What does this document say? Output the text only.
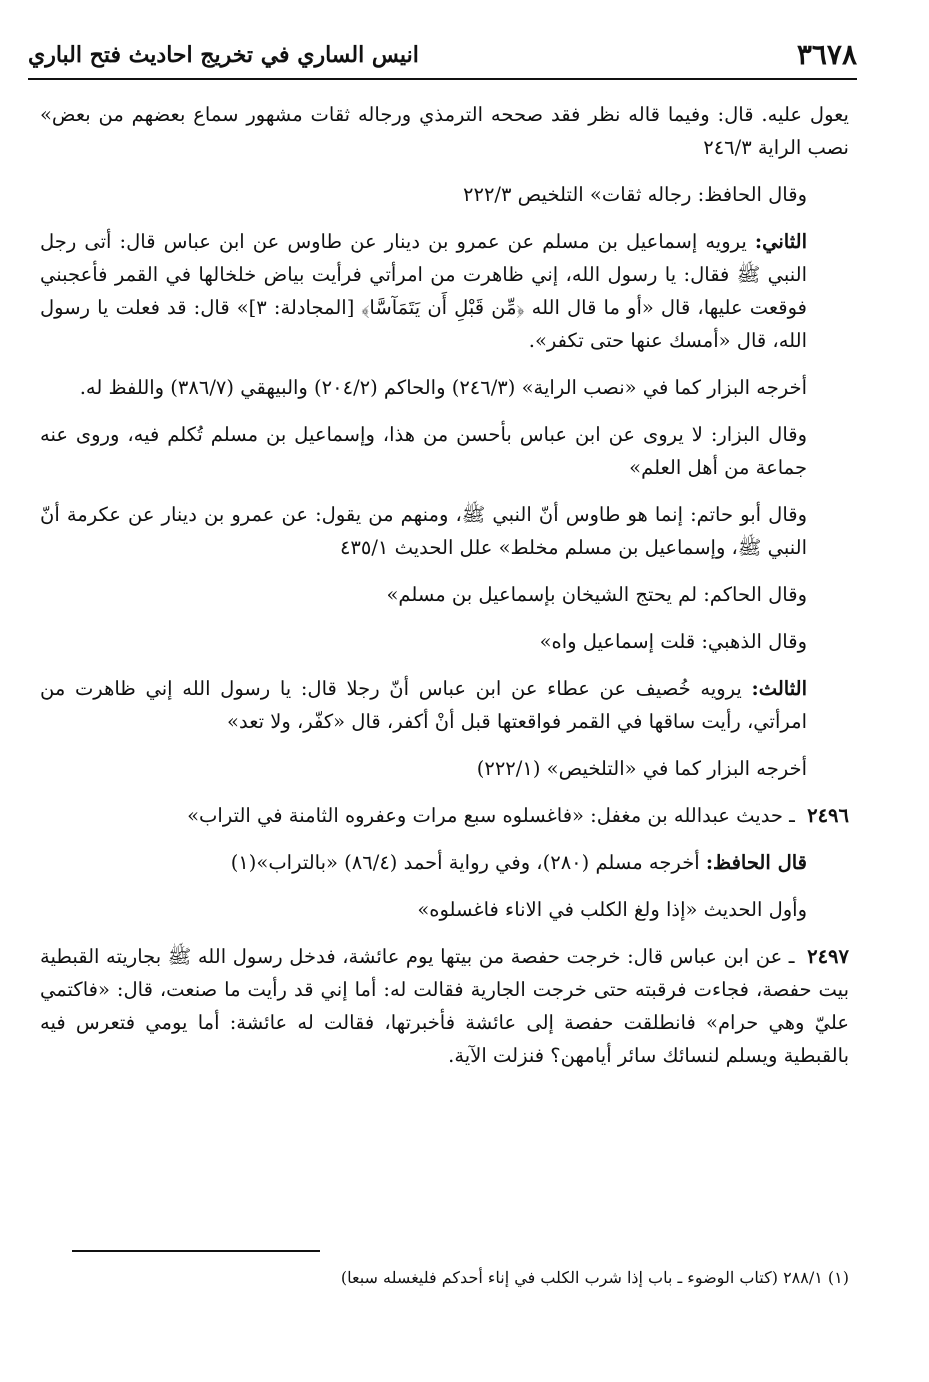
٣٦٧٨
انيس الساري في تخريج احاديث فتح الباري

يعول عليه. قال: وفيما قاله نظر فقد صححه الترمذي ورجاله ثقات مشهور سماع بعضهم من بعض» نصب الراية ٢٤٦/٣

وقال الحافظ: رجاله ثقات» التلخيص ٢٢٢/٣

الثاني: يرويه إسماعيل بن مسلم عن عمرو بن دينار عن طاوس عن ابن عباس قال: أتى رجل النبي ﷺ فقال: يا رسول الله، إني ظاهرت من امرأتي فرأيت بياض خلخالها في القمر فأعجبني فوقعت عليها، قال «أو ما قال الله ﴿مِّن قَبْلِ أَن يَتَمَآسَّا﴾ [المجادلة: ٣]» قال: قد فعلت يا رسول الله، قال «أمسك عنها حتى تكفر».

أخرجه البزار كما في «نصب الراية» (٢٤٦/٣) والحاكم (٢٠٤/٢) والبيهقي (٣٨٦/٧) واللفظ له.

وقال البزار: لا يروى عن ابن عباس بأحسن من هذا، وإسماعيل بن مسلم تُكلم فيه، وروى عنه جماعة من أهل العلم»

وقال أبو حاتم: إنما هو طاوس أنّ النبي ﷺ، ومنهم من يقول: عن عمرو بن دينار عن عكرمة أنّ النبي ﷺ، وإسماعيل بن مسلم مخلط» علل الحديث ٤٣٥/١

وقال الحاكم: لم يحتج الشيخان بإسماعيل بن مسلم»

وقال الذهبي: قلت إسماعيل واه»

الثالث: يرويه خُصيف عن عطاء عن ابن عباس أنّ رجلا قال: يا رسول الله إني ظاهرت من امرأتي، رأيت ساقها في القمر فواقعتها قبل أنْ أكفر، قال «كفّر، ولا تعد»

أخرجه البزار كما في «التلخيص» (٢٢٢/١)

٢٤٩٦ ـ حديث عبدالله بن مغفل: «فاغسلوه سبع مرات وعفروه الثامنة في التراب»

قال الحافظ: أخرجه مسلم (٢٨٠)، وفي رواية أحمد (٨٦/٤) «بالتراب»(١)

وأول الحديث «إذا ولغ الكلب في الاناء فاغسلوه»

٢٤٩٧ ـ عن ابن عباس قال: خرجت حفصة من بيتها يوم عائشة، فدخل رسول الله ﷺ بجاريته القبطية بيت حفصة، فجاءت فرقبته حتى خرجت الجارية فقالت له: أما إني قد رأيت ما صنعت، قال: «فاكتمي عليّ وهي حرام» فانطلقت حفصة إلى عائشة فأخبرتها، فقالت له عائشة: أما يومي فتعرس فيه بالقبطية ويسلم لنسائك سائر أيامهن؟ فنزلت الآية.

(١) ٢٨٨/١ (كتاب الوضوء ـ باب إذا شرب الكلب في إناء أحدكم فليغسله سبعا)
